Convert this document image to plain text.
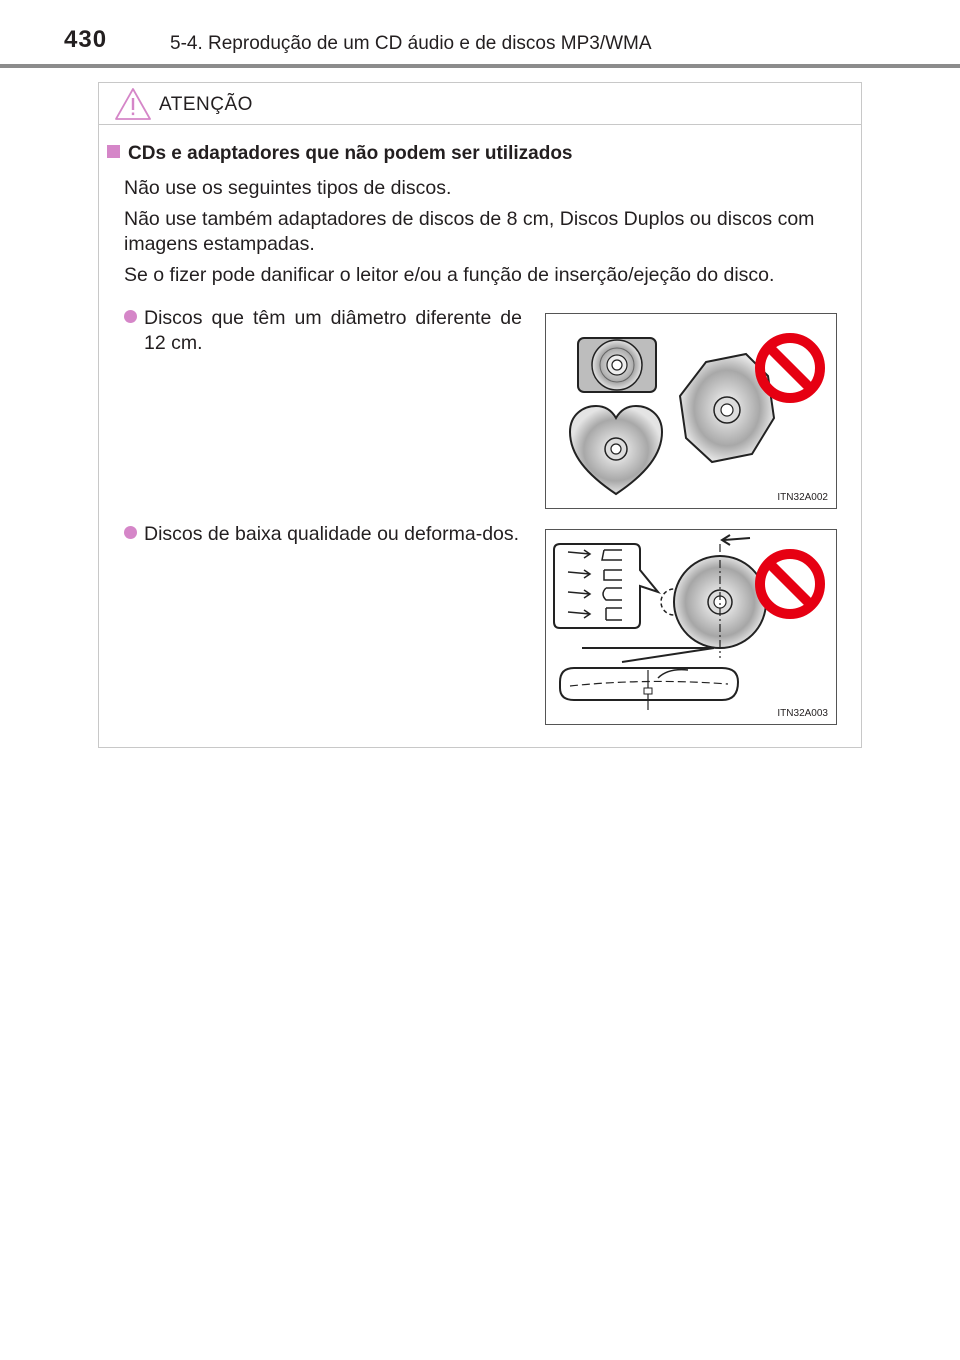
430	5-4. Reprodução de um CD áudio e de discos MP3/WMA
ATENÇÃO
CDs e adaptadores que não podem ser utilizados
Não use os seguintes tipos de discos.
Não use também adaptadores de discos de 8 cm, Discos Duplos ou discos com imagens estampadas.
Se o fizer pode danificar o leitor e/ou a função de inserção/ejeção do disco.
Discos que têm um diâmetro diferente de 12 cm.
Discos de baixa qualidade ou deforma-dos.
ITN32A002
ITN32A003
